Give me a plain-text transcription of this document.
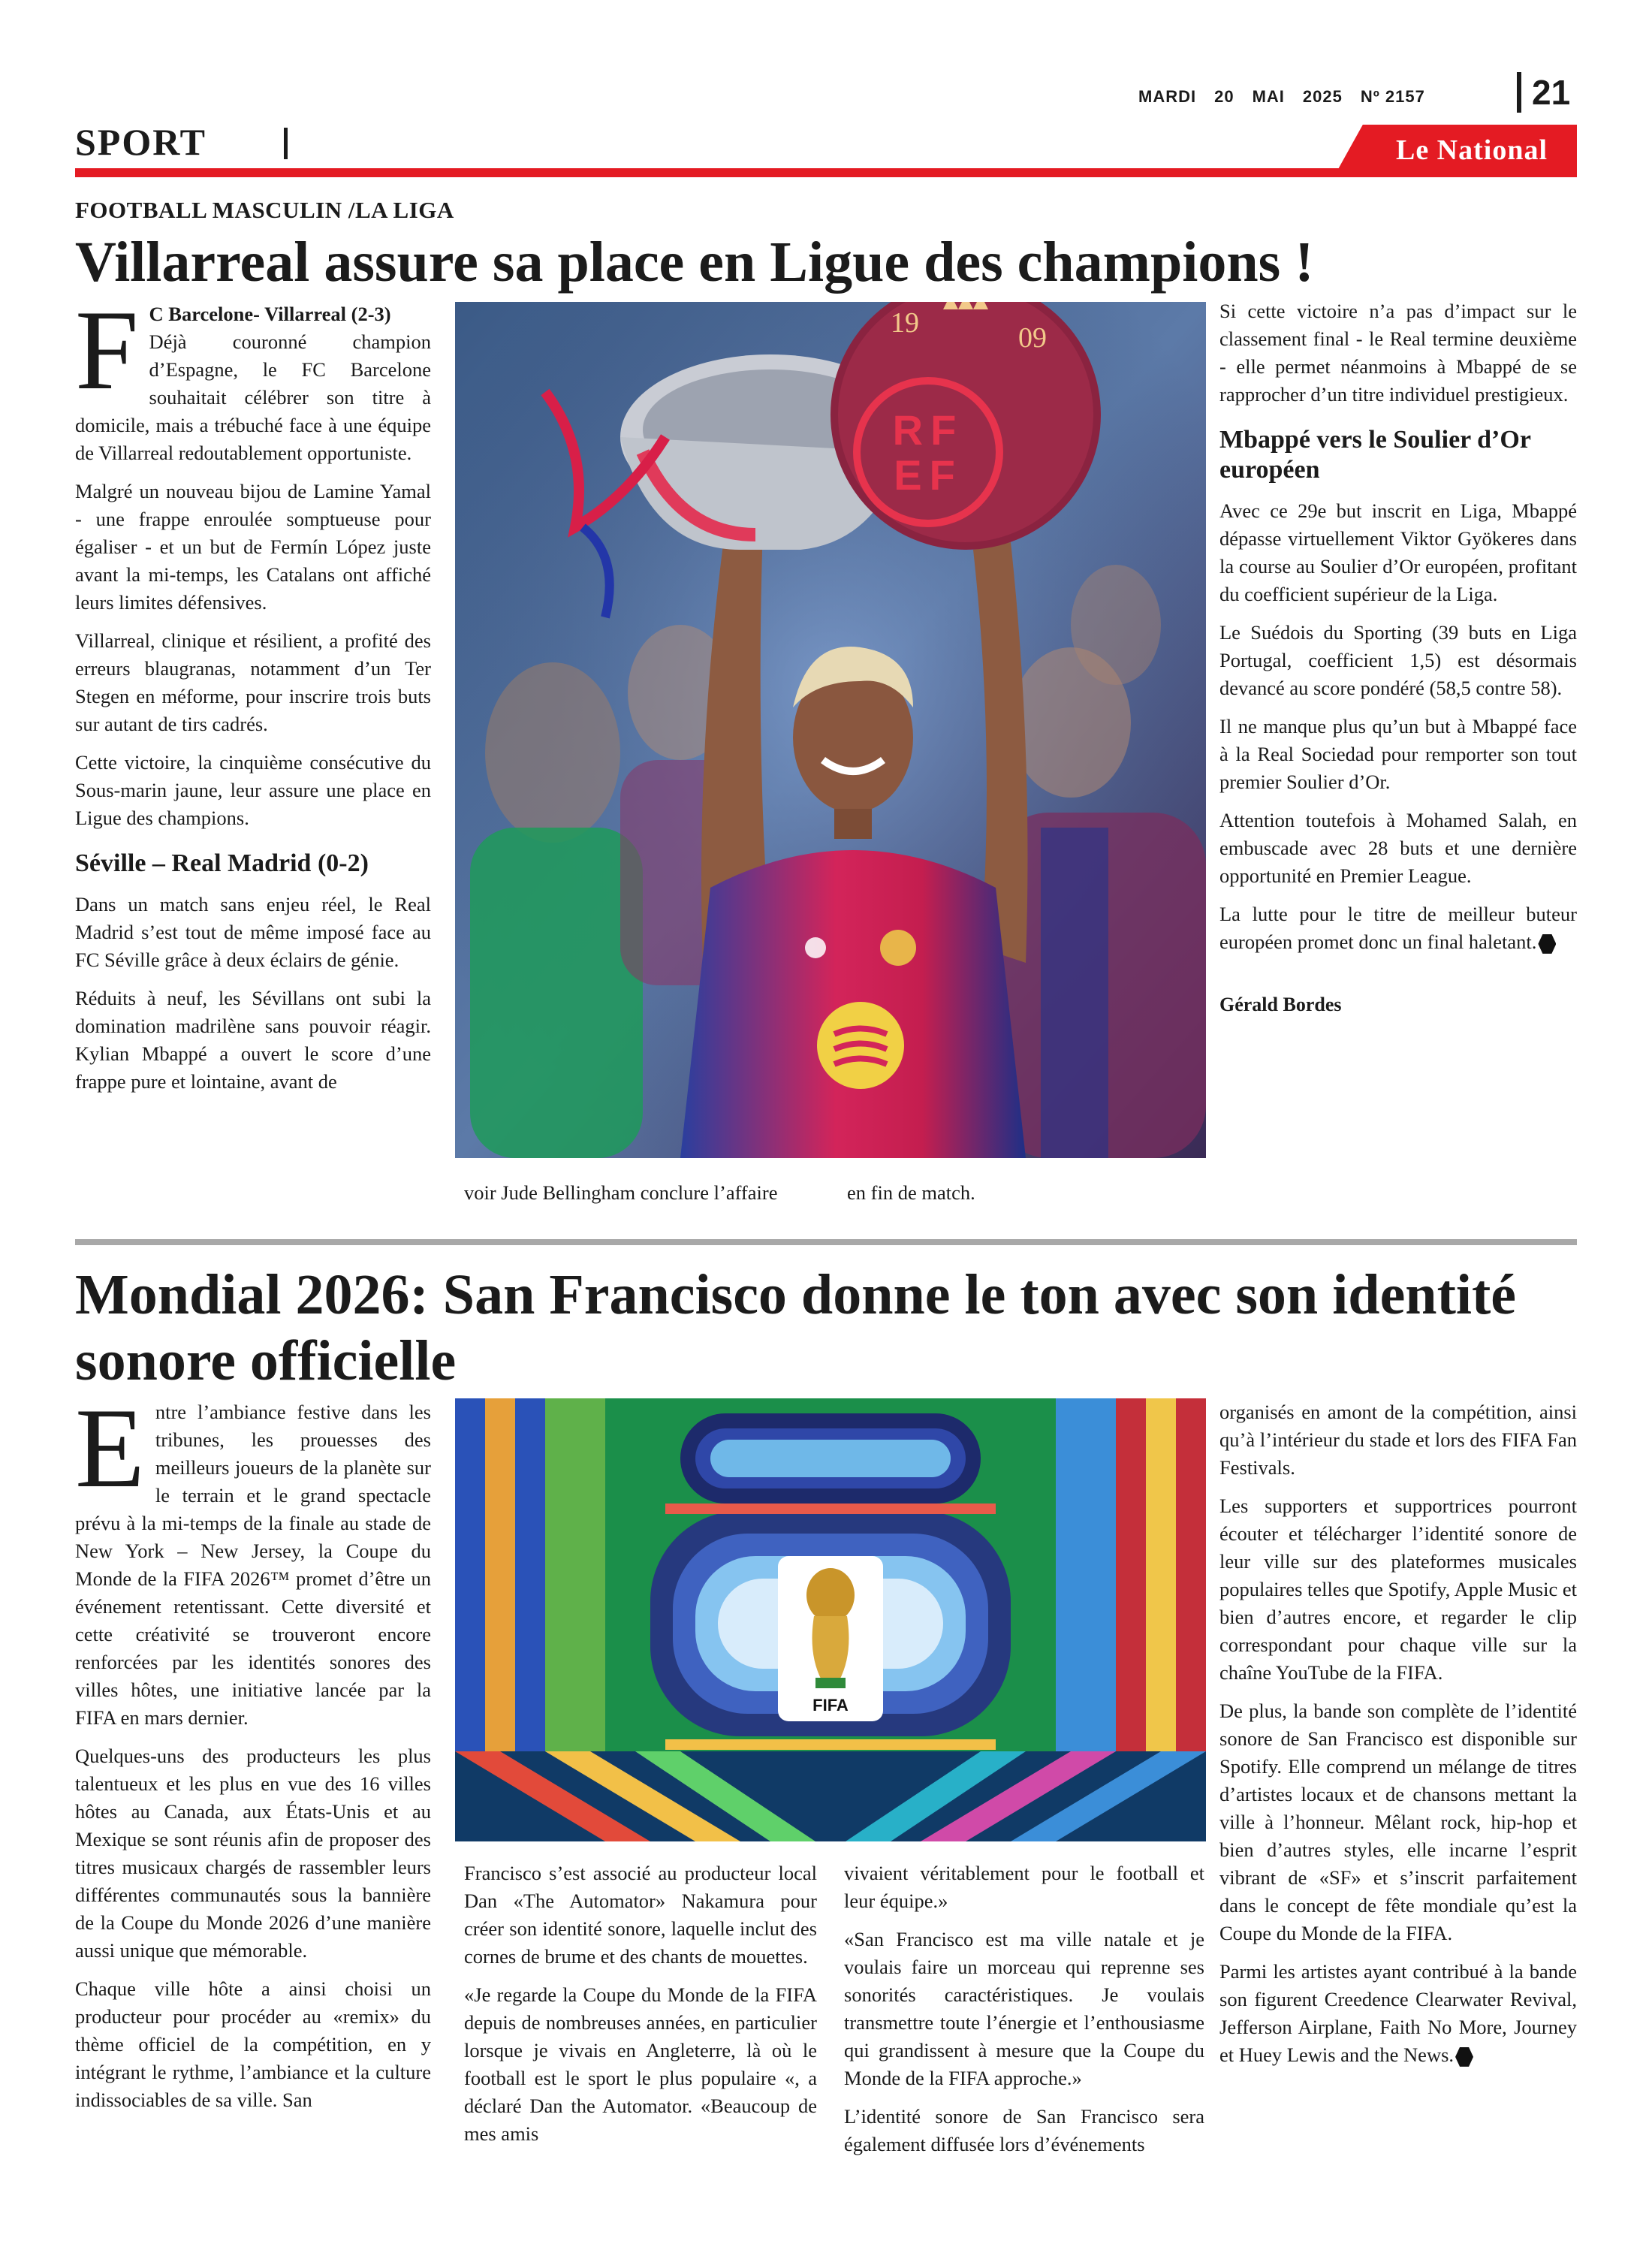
MARDI 20 MAI 2025 Nº 2157	21
SPORT	Le National
FOOTBALL MASCULIN /LA LIGA
Villarreal assure sa place en Ligue des champions !

F C Barcelone- Villarreal (2-3)
Déjà couronné champion d’Espagne, le FC Barcelone souhaitait célébrer son titre à domicile, mais a trébuché face à une équipe de Villarreal redoutablement opportuniste.

Malgré un nouveau bijou de Lamine Yamal - une frappe enroulée somptueuse pour égaliser - et un but de Fermín López juste avant la mi-temps, les Catalans ont affiché leurs limites défensives.

Villarreal, clinique et résilient, a profité des erreurs blaugranas, notamment d’un Ter Stegen en méforme, pour inscrire trois buts sur autant de tirs cadrés.

Cette victoire, la cinquième consécutive du Sous-marin jaune, leur assure une place en Ligue des champions.

Séville – Real Madrid (0-2)

Dans un match sans enjeu réel, le Real Madrid s’est tout de même imposé face au FC Séville grâce à deux éclairs de génie.

Réduits à neuf, les Sévillans ont subi la domination madrilène sans pouvoir réagir. Kylian Mbappé a ouvert le score d’une frappe pure et lointaine, avant de

RF
EF
19	09
voir Jude Bellingham conclure l’affaire	en fin de match.

Si cette victoire n’a pas d’impact sur le classement final - le Real termine deuxième - elle permet néanmoins à Mbappé de se rapprocher d’un titre individuel prestigieux.

Mbappé vers le Soulier d’Or européen

Avec ce 29e but inscrit en Liga, Mbappé dépasse virtuellement Viktor Gyökeres dans la course au Soulier d’Or européen, profitant du coefficient supérieur de la Liga.

Le Suédois du Sporting (39 buts en Liga Portugal, coefficient 1,5) est désormais devancé au score pondéré (58,5 contre 58).

Il ne manque plus qu’un but à Mbappé face à la Real Sociedad pour remporter son tout premier Soulier d’Or.

Attention toutefois à Mohamed Salah, en embuscade avec 28 buts et une dernière opportunité en Premier League.

La lutte pour le titre de meilleur buteur européen promet donc un final haletant.

Gérald Bordes

Mondial 2026: San Francisco donne le ton avec son identité sonore officielle

Entre l’ambiance festive dans les tribunes, les prouesses des meilleurs joueurs de la planète sur le terrain et le grand spectacle prévu à la mi-temps de la finale au stade de New York – New Jersey, la Coupe du Monde de la FIFA 2026™ promet d’être un événement retentissant. Cette diversité et cette créativité se trouveront encore renforcées par les identités sonores des villes hôtes, une initiative lancée par la FIFA en mars dernier.

Quelques-uns des producteurs les plus talentueux et les plus en vue des 16 villes hôtes au Canada, aux États-Unis et au Mexique se sont réunis afin de proposer des titres musicaux chargés de rassembler leurs différentes communautés sous la bannière de la Coupe du Monde 2026 d’une manière aussi unique que mémorable.

Chaque ville hôte a ainsi choisi un producteur pour procéder au «remix» du thème officiel de la compétition, en y intégrant le rythme, l’ambiance et la culture indissociables de sa ville. San

FIFA

Francisco s’est associé au producteur local Dan «The Automator» Nakamura pour créer son identité sonore, laquelle inclut des cornes de brume et des chants de mouettes.

«Je regarde la Coupe du Monde de la FIFA depuis de nombreuses années, en particulier lorsque je vivais en Angleterre, là où le football est le sport le plus populaire «, a déclaré Dan the Automator. «Beaucoup de mes amis

vivaient véritablement pour le football et leur équipe.»

«San Francisco est ma ville natale et je voulais faire un morceau qui reprenne ses sonorités caractéristiques. Je voulais transmettre toute l’énergie et l’enthousiasme qui grandissent à mesure que la Coupe du Monde de la FIFA approche.»

L’identité sonore de San Francisco sera également diffusée lors d’événements

organisés en amont de la compétition, ainsi qu’à l’intérieur du stade et lors des FIFA Fan Festivals.

Les supporters et supportrices pourront écouter et télécharger l’identité sonore de leur ville sur des plateformes musicales populaires telles que Spotify, Apple Music et bien d’autres encore, et regarder le clip correspondant pour chaque ville sur la chaîne YouTube de la FIFA.

De plus, la bande son complète de l’identité sonore de San Francisco est disponible sur Spotify. Elle comprend un mélange de titres d’artistes locaux et de chansons mettant la ville à l’honneur. Mêlant rock, hip-hop et bien d’autres styles, elle incarne l’esprit vibrant de «SF» et s’inscrit parfaitement dans le concept de fête mondiale qu’est la Coupe du Monde de la FIFA.

Parmi les artistes ayant contribué à la bande son figurent Creedence Clearwater Revival, Jefferson Airplane, Faith No More, Journey et Huey Lewis and the News.
